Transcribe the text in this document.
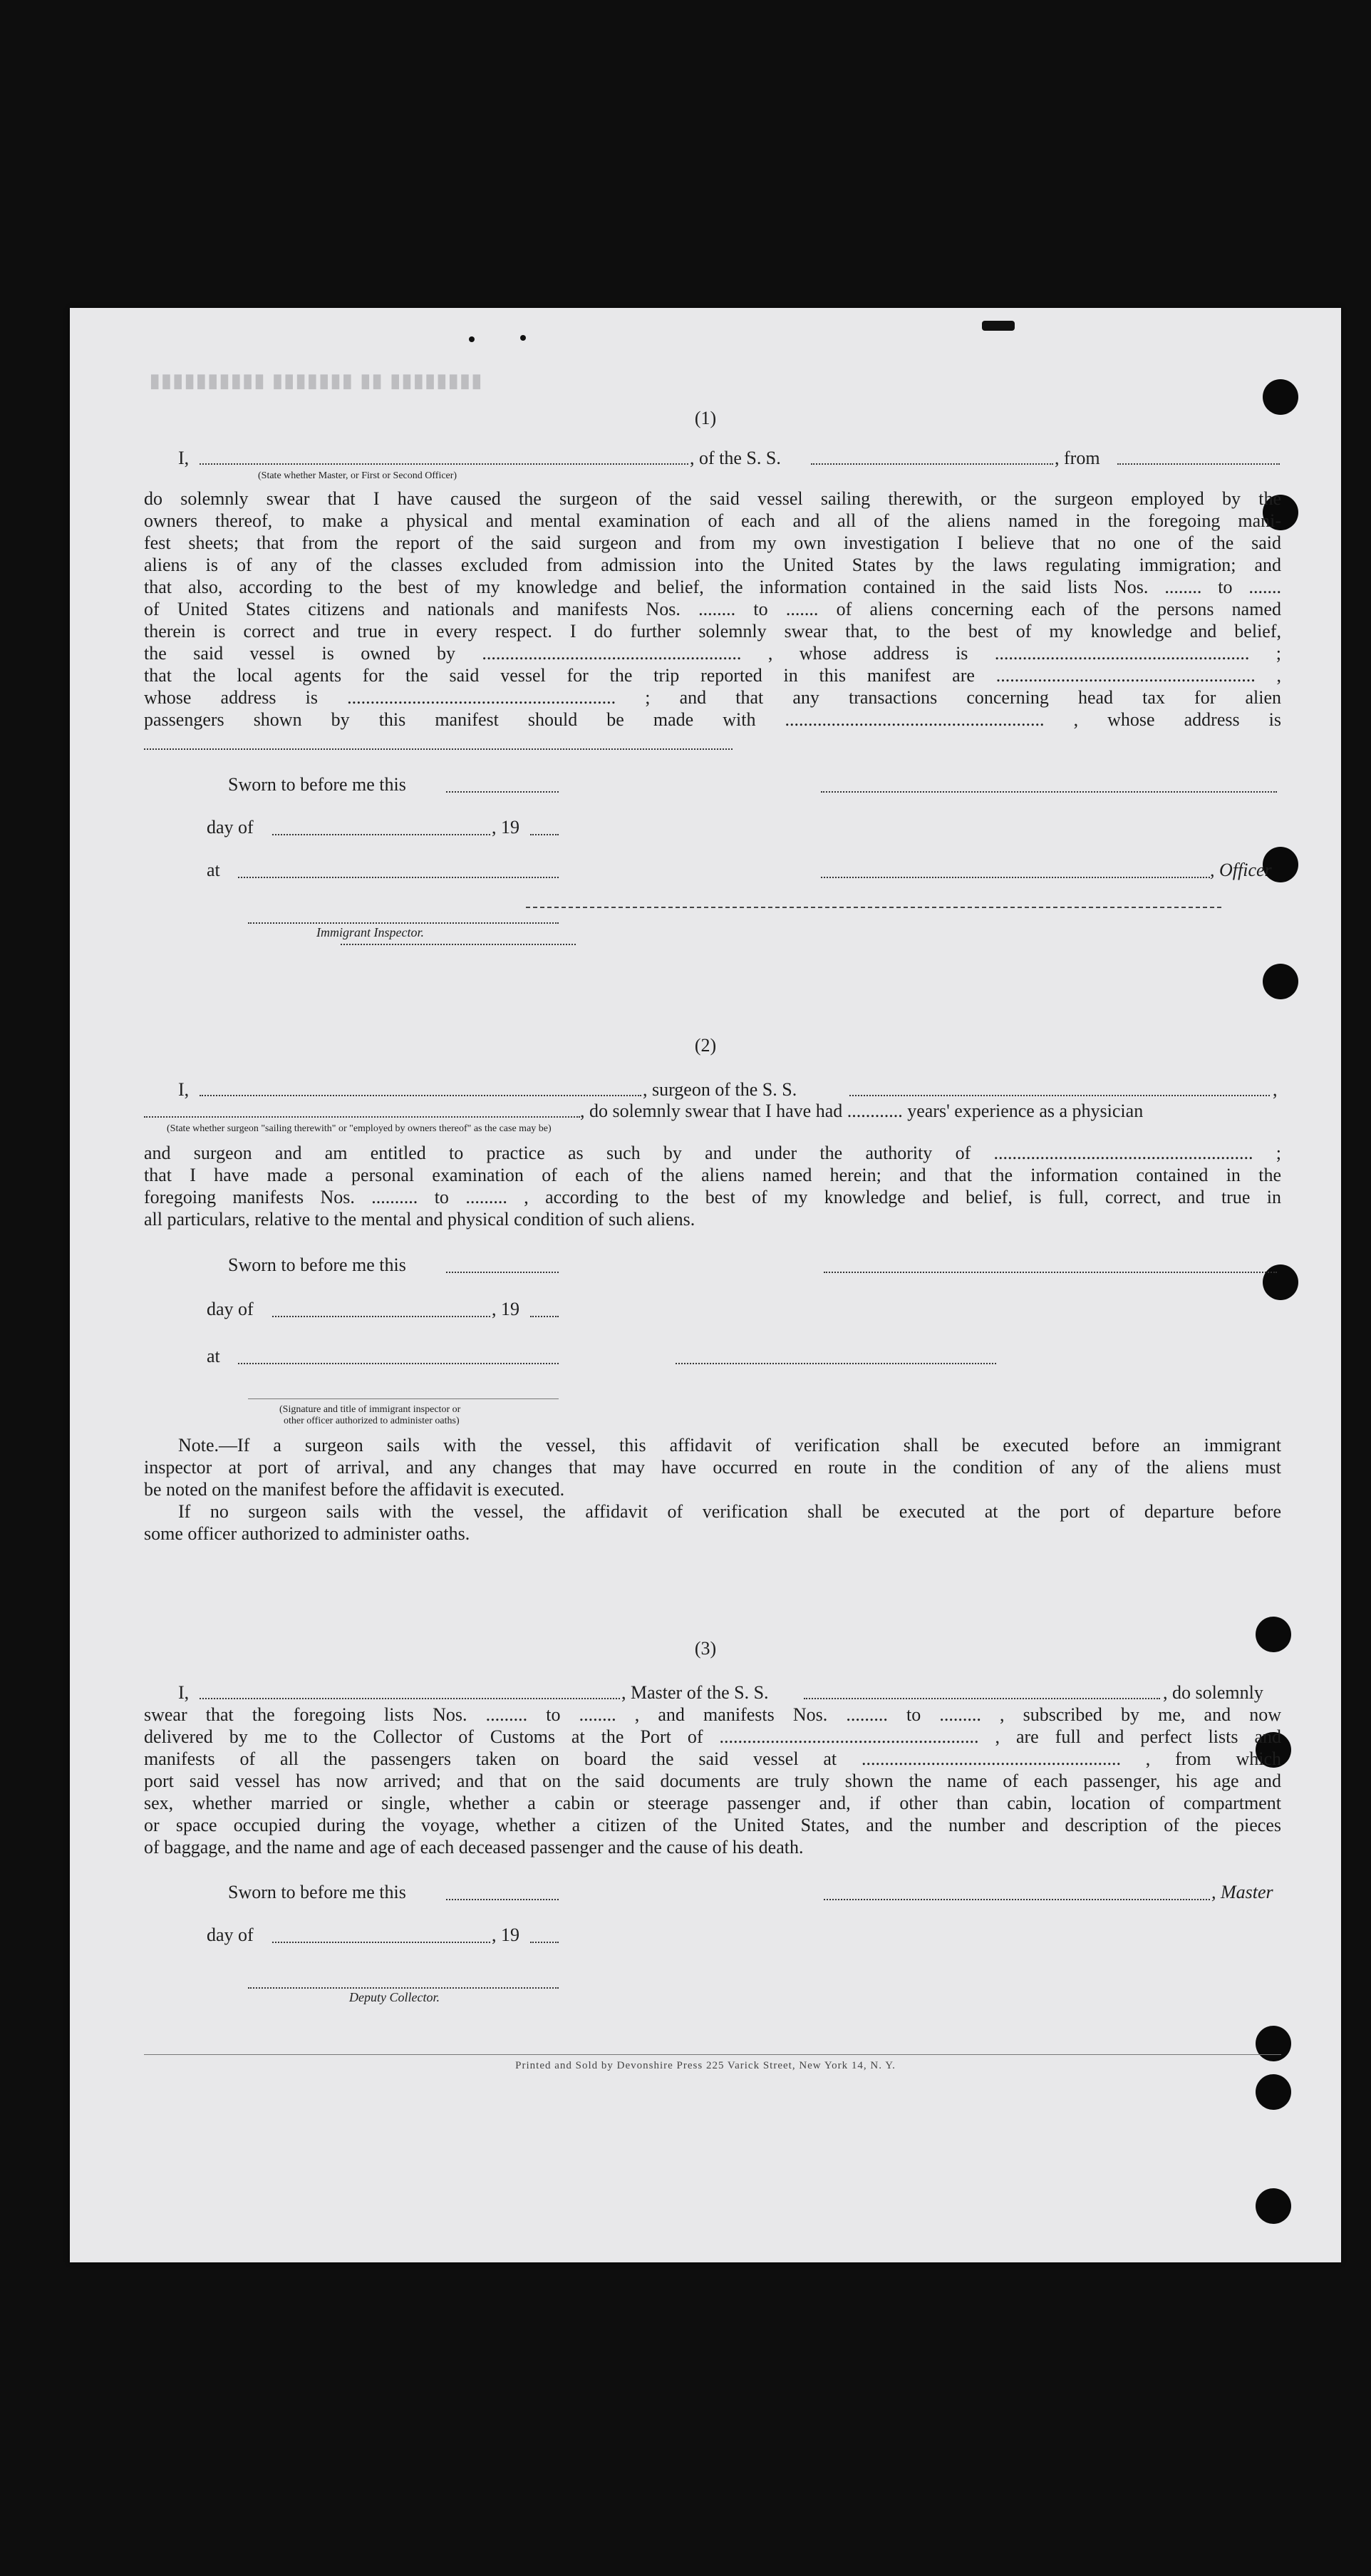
▮▮▮▮▮▮▮▮ ▮▮ ▮▮▮▮▮▮▮ ▮▮▮▮▮▮▮▮▮▮
(1)
I,	, of the S. S.	, from
(State whether Master, or First or Second Officer)
do solemnly swear that I have caused the surgeon of the said vessel sailing therewith, or the surgeon employed by the
owners thereof, to make a physical and mental examination of each and all of the aliens named in the foregoing mani-
fest sheets; that from the report of the said surgeon and from my own investigation I believe that no one of the said
aliens is of any of the classes excluded from admission into the United States by the laws regulating immigration; and
that also, according to the best of my knowledge and belief, the information contained in the said lists Nos. ........ to .......
of United States citizens and nationals and manifests Nos. ........ to ....... of aliens concerning each of the persons named
therein is correct and true in every respect. I do further solemnly swear that, to the best of my knowledge and belief,
the said vessel is owned by ........................................................ , whose address is ....................................................... ;
that the local agents for the said vessel for the trip reported in this manifest are ........................................................ ,
whose address is .......................................................... ; and that any transactions concerning head tax for alien
passengers shown by this manifest should be made with ........................................................ , whose address is
Sworn to before me this
day of	, 19
at	, Officer
Immigrant Inspector.
(2)
I,	, surgeon of the S. S.	,
, do solemnly swear that I have had ............ years' experience as a physician
(State whether surgeon "sailing therewith" or "employed by owners thereof" as the case may be)
and surgeon and am entitled to practice as such by and under the authority of ........................................................ ;
that I have made a personal examination of each of the aliens named herein; and that the information contained in the
foregoing manifests Nos. .......... to ......... , according to the best of my knowledge and belief, is full, correct, and true in
all particulars, relative to the mental and physical condition of such aliens.
Sworn to before me this
day of	, 19
at
(Signature and title of immigrant inspector or
other officer authorized to administer oaths)
Note.—If a surgeon sails with the vessel, this affidavit of verification shall be executed before an immigrant
inspector at port of arrival, and any changes that may have occurred en route in the condition of any of the aliens must
be noted on the manifest before the affidavit is executed.
If no surgeon sails with the vessel, the affidavit of verification shall be executed at the port of departure before
some officer authorized to administer oaths.
(3)
I,	, Master of the S. S.	, do solemnly
swear that the foregoing lists Nos. ......... to ........ , and manifests Nos. ......... to ......... , subscribed by me, and now
delivered by me to the Collector of Customs at the Port of ........................................................ , are full and perfect lists and
manifests of all the passengers taken on board the said vessel at ........................................................ , from which
port said vessel has now arrived; and that on the said documents are truly shown the name of each passenger, his age and
sex, whether married or single, whether a cabin or steerage passenger and, if other than cabin, location of compartment
or space occupied during the voyage, whether a citizen of the United States, and the number and description of the pieces
of baggage, and the name and age of each deceased passenger and the cause of his death.
Sworn to before me this	, Master
day of	, 19
Deputy Collector.
Printed and Sold by Devonshire Press 225 Varick Street, New York 14, N. Y.
